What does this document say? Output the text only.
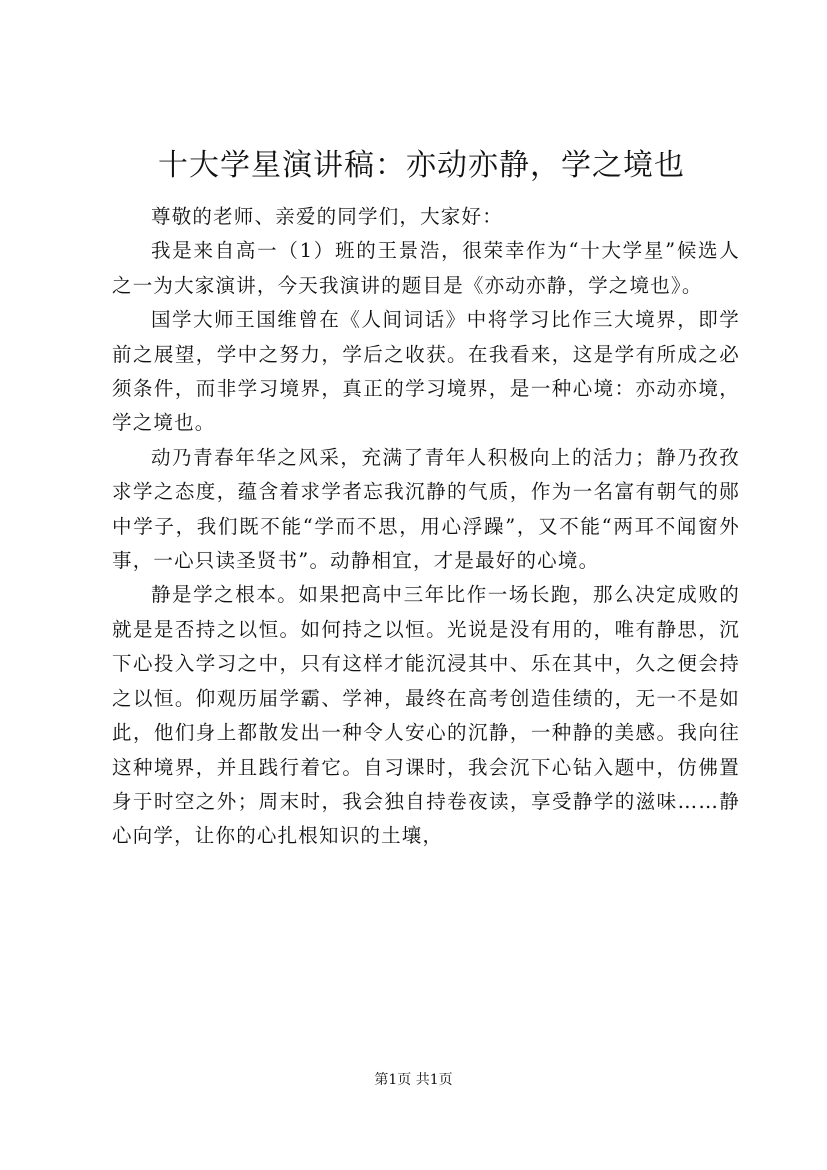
十大学星演讲稿：亦动亦静，学之境也

尊敬的老师、亲爱的同学们，大家好：

我是来自高一（1）班的王景浩，很荣幸作为“十大学星”候选人之一为大家演讲，今天我演讲的题目是《亦动亦静，学之境也》。

国学大师王国维曾在《人间词话》中将学习比作三大境界，即学前之展望，学中之努力，学后之收获。在我看来，这是学有所成之必须条件，而非学习境界，真正的学习境界，是一种心境：亦动亦境，学之境也。

动乃青春年华之风采，充满了青年人积极向上的活力；静乃孜孜求学之态度，蕴含着求学者忘我沉静的气质，作为一名富有朝气的郧中学子，我们既不能“学而不思，用心浮躁”，又不能“两耳不闻窗外事，一心只读圣贤书”。动静相宜，才是最好的心境。

静是学之根本。如果把高中三年比作一场长跑，那么决定成败的就是是否持之以恒。如何持之以恒。光说是没有用的，唯有静思，沉下心投入学习之中，只有这样才能沉浸其中、乐在其中，久之便会持之以恒。仰观历届学霸、学神，最终在高考创造佳绩的，无一不是如此，他们身上都散发出一种令人安心的沉静，一种静的美感。我向往这种境界，并且践行着它。自习课时，我会沉下心钻入题中，仿佛置身于时空之外；周末时，我会独自持卷夜读，享受静学的滋味……静心向学，让你的心扎根知识的土壤，

第1页 共1页
